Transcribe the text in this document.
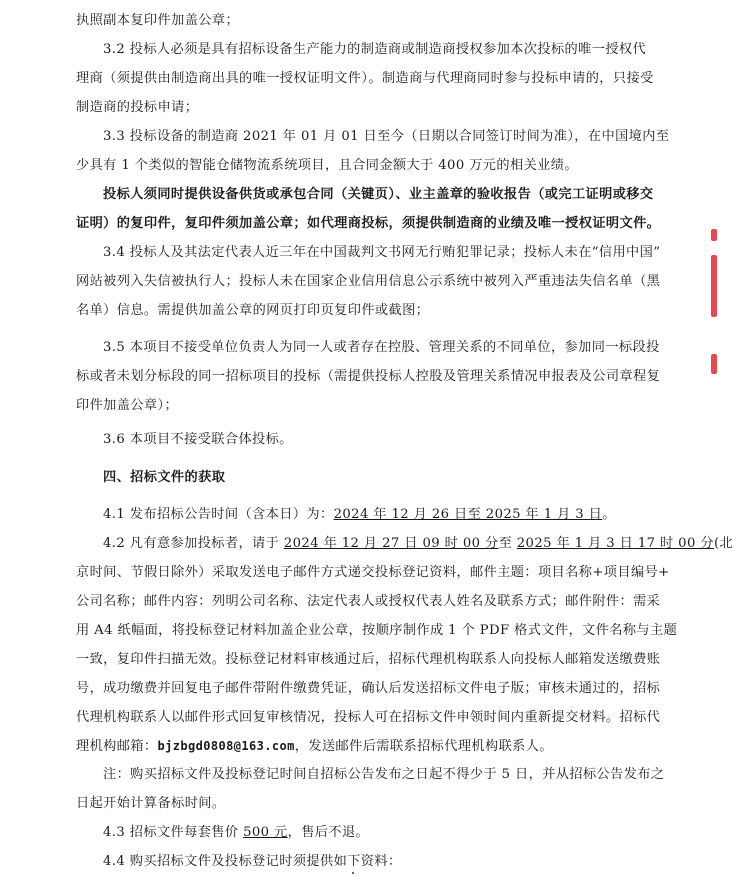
执照副本复印件加盖公章；
3.2 投标人必须是具有招标设备生产能力的制造商或制造商授权参加本次投标的唯一授权代
理商（须提供由制造商出具的唯一授权证明文件）。制造商与代理商同时参与投标申请的，只接受
制造商的投标申请；
3.3 投标设备的制造商 2021 年 01 月 01 日至今（日期以合同签订时间为准），在中国境内至
少具有 1 个类似的智能仓储物流系统项目，且合同金额大于 400 万元的相关业绩。
投标人须同时提供设备供货或承包合同（关键页）、业主盖章的验收报告（或完工证明或移交
证明）的复印件，复印件须加盖公章；如代理商投标，须提供制造商的业绩及唯一授权证明文件。
3.4 投标人及其法定代表人近三年在中国裁判文书网无行贿犯罪记录；投标人未在“信用中国”
网站被列入失信被执行人；投标人未在国家企业信用信息公示系统中被列入严重违法失信名单（黑
名单）信息。需提供加盖公章的网页打印页复印件或截图；
3.5 本项目不接受单位负责人为同一人或者存在控股、管理关系的不同单位，参加同一标段投
标或者未划分标段的同一招标项目的投标（需提供投标人控股及管理关系情况申报表及公司章程复
印件加盖公章）；
3.6 本项目不接受联合体投标。
四、招标文件的获取
4.1 发布招标公告时间（含本日）为：2024 年 12 月 26 日至 2025 年 1 月 3 日。
4.2 凡有意参加投标者，请于 2024 年 12 月 27 日 09 时 00 分至 2025 年 1 月 3 日 17 时 00 分(北
京时间、节假日除外）采取发送电子邮件方式递交投标登记资料，邮件主题：项目名称+项目编号+
公司名称；邮件内容：列明公司名称、法定代表人或授权代表人姓名及联系方式；邮件附件：需采
用 A4 纸幅面，将投标登记材料加盖企业公章，按顺序制作成 1 个 PDF 格式文件，文件名称与主题
一致，复印件扫描无效。投标登记材料审核通过后，招标代理机构联系人向投标人邮箱发送缴费账
号，成功缴费并回复电子邮件带附件缴费凭证，确认后发送招标文件电子版；审核未通过的，招标
代理机构联系人以邮件形式回复审核情况，投标人可在招标文件申领时间内重新提交材料。招标代
理机构邮箱：bjzbgd0808@163.com，发送邮件后需联系招标代理机构联系人。
注：购买招标文件及投标登记时间自招标公告发布之日起不得少于 5 日，并从招标公告发布之
日起开始计算备标时间。
4.3 招标文件每套售价 500 元，售后不退。
4.4 购买招标文件及投标登记时须提供如下资料：
